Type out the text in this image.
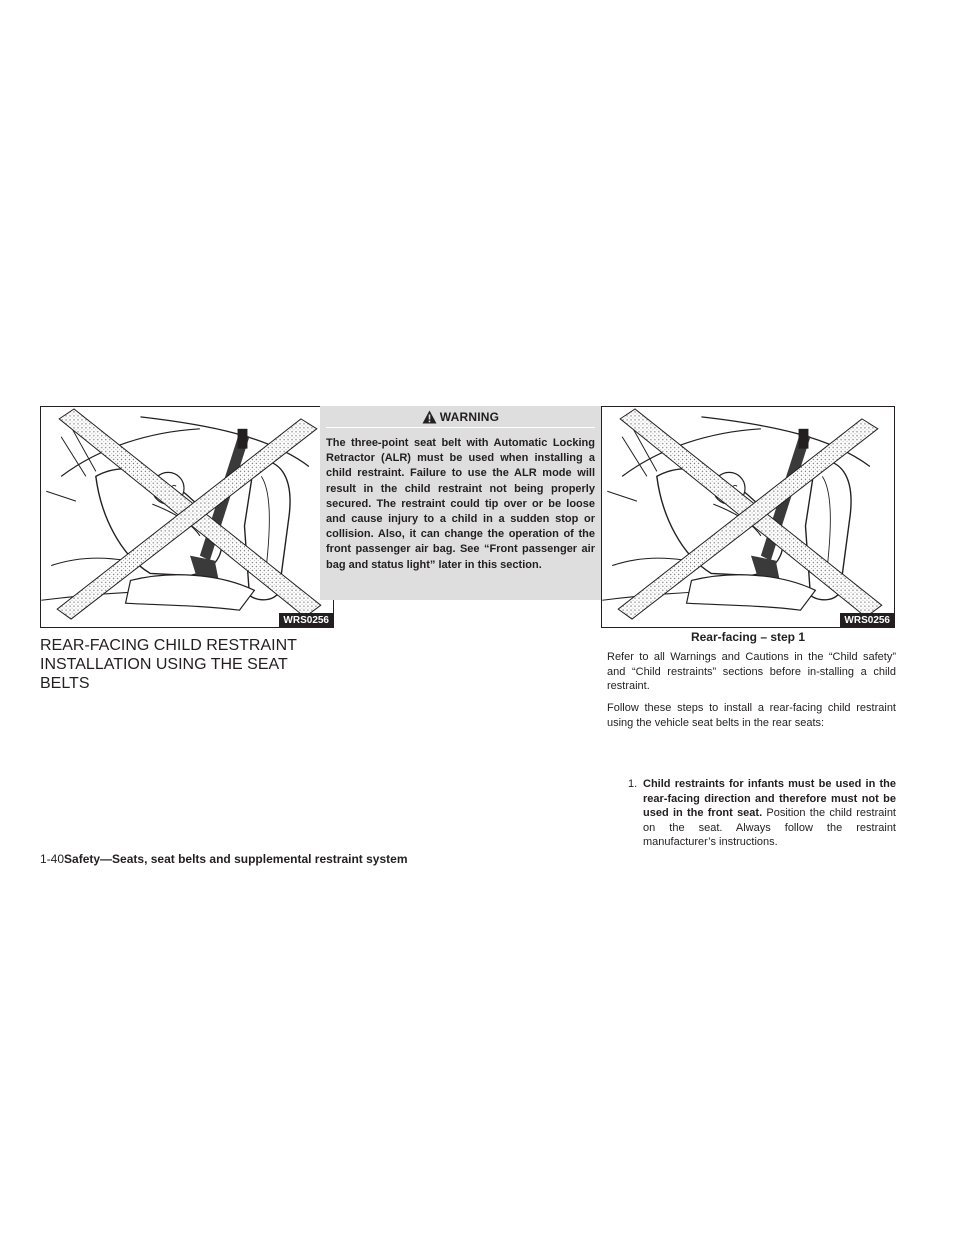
WRS0256
REAR-FACING CHILD RESTRAINT INSTALLATION USING THE SEAT BELTS
WARNING

The three-point seat belt with Automatic Locking Retractor (ALR) must be used when installing a child restraint. Failure to use the ALR mode will result in the child restraint not being properly secured. The restraint could tip over or be loose and cause injury to a child in a sudden stop or collision. Also, it can change the operation of the front passenger air bag. See “Front passenger air bag and status light” later in this section.

WRS0256
Rear-facing – step 1

Refer to all Warnings and Cautions in the “Child safety” and “Child restraints” sections before in-stalling a child restraint.

Follow these steps to install a rear-facing child restraint using the vehicle seat belts in the rear seats:

1. Child restraints for infants must be used in the rear-facing direction and therefore must not be used in the front seat. Position the child restraint on the seat. Always follow the restraint manufacturer’s instructions.

1-40Safety—Seats, seat belts and supplemental restraint system
